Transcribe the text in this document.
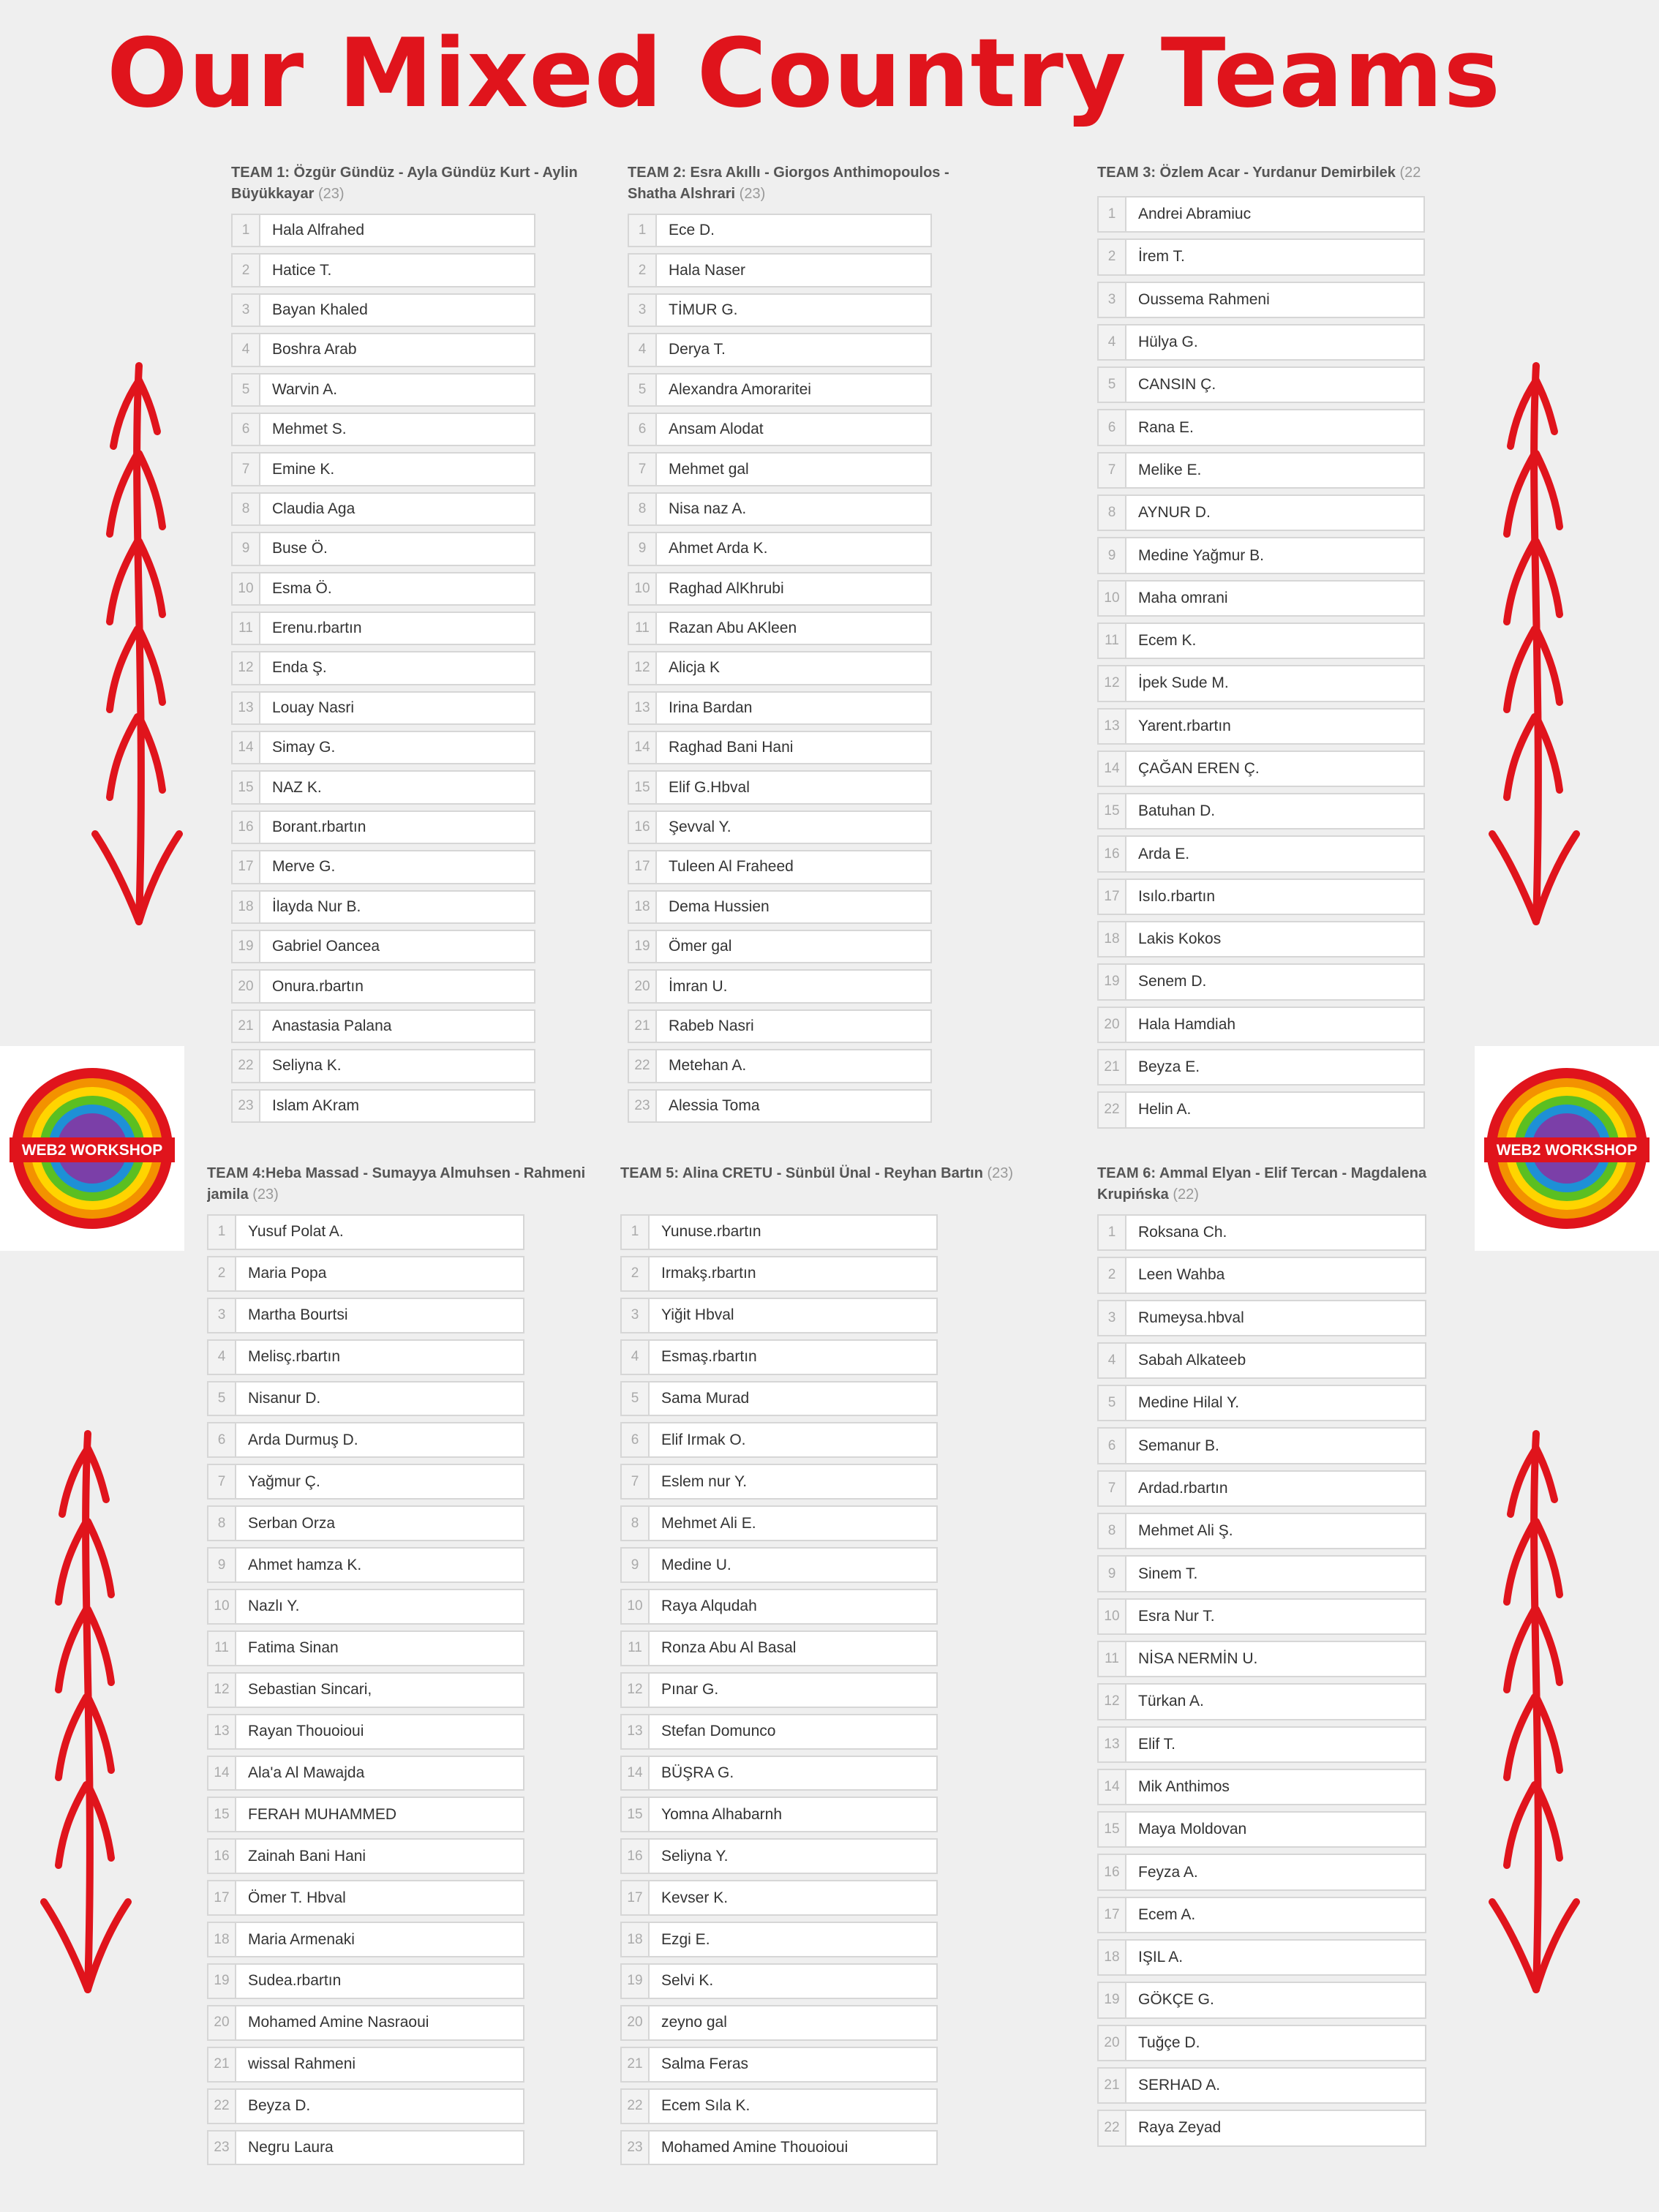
Our Mixed Country Teams
WEB2 WORKSHOP	WEB2 WORKSHOP
TEAM 1: Özgür Gündüz - Ayla Gündüz Kurt - Aylin Büyükkayar (23)
1	Hala Alfrahed
2	Hatice T.
3	Bayan Khaled
4	Boshra Arab
5	Warvin A.
6	Mehmet S.
7	Emine K.
8	Claudia Aga
9	Buse Ö.
10	Esma Ö.
11	Erenu.rbartın
12	Enda Ş.
13	Louay Nasri
14	Simay G.
15	NAZ K.
16	Borant.rbartın
17	Merve G.
18	İlayda Nur B.
19	Gabriel Oancea
20	Onura.rbartın
21	Anastasia Palana
22	Seliyna K.
23	Islam AKram
TEAM 2: Esra Akıllı - Giorgos Anthimopoulos - Shatha Alshrari (23)
1	Ece D.
2	Hala Naser
3	TİMUR G.
4	Derya T.
5	Alexandra Amoraritei
6	Ansam Alodat
7	Mehmet gal
8	Nisa naz A.
9	Ahmet Arda K.
10	Raghad AlKhrubi
11	Razan Abu AKleen
12	Alicja K
13	Irina Bardan
14	Raghad Bani Hani
15	Elif G.Hbval
16	Şevval Y.
17	Tuleen Al Fraheed
18	Dema Hussien
19	Ömer gal
20	İmran U.
21	Rabeb Nasri
22	Metehan A.
23	Alessia Toma
TEAM 3: Özlem Acar - Yurdanur Demirbilek (22
1	Andrei Abramiuc
2	İrem T.
3	Oussema Rahmeni
4	Hülya G.
5	CANSIN Ç.
6	Rana E.
7	Melike E.
8	AYNUR D.
9	Medine Yağmur B.
10	Maha omrani
11	Ecem K.
12	İpek Sude M.
13	Yarent.rbartın
14	ÇAĞAN EREN Ç.
15	Batuhan D.
16	Arda E.
17	Isılo.rbartın
18	Lakis Kokos
19	Senem D.
20	Hala Hamdiah
21	Beyza E.
22	Helin A.
TEAM 4:Heba Massad - Sumayya Almuhsen - Rahmeni jamila (23)
1	Yusuf Polat A.
2	Maria Popa
3	Martha Bourtsi
4	Melisç.rbartın
5	Nisanur D.
6	Arda Durmuş D.
7	Yağmur Ç.
8	Serban Orza
9	Ahmet hamza K.
10	Nazlı Y.
11	Fatima Sinan
12	Sebastian Sincari,
13	Rayan Thouoioui
14	Ala'a Al Mawajda
15	FERAH MUHAMMED
16	Zainah Bani Hani
17	Ömer T. Hbval
18	Maria Armenaki
19	Sudea.rbartın
20	Mohamed Amine Nasraoui
21	wissal Rahmeni
22	Beyza D.
23	Negru Laura
TEAM 5: Alina CRETU - Sünbül Ünal - Reyhan Bartın (23)
1	Yunuse.rbartın
2	Irmakş.rbartın
3	Yiğit Hbval
4	Esmaş.rbartın
5	Sama Murad
6	Elif Irmak O.
7	Eslem nur Y.
8	Mehmet Ali E.
9	Medine U.
10	Raya Alqudah
11	Ronza Abu Al Basal
12	Pınar G.
13	Stefan Domunco
14	BÜŞRA G.
15	Yomna Alhabarnh
16	Seliyna Y.
17	Kevser K.
18	Ezgi E.
19	Selvi K.
20	zeyno gal
21	Salma Feras
22	Ecem Sıla K.
23	Mohamed Amine Thouoioui
TEAM 6: Ammal Elyan - Elif Tercan - Magdalena Krupińska (22)
1	Roksana Ch.
2	Leen Wahba
3	Rumeysa.hbval
4	Sabah Alkateeb
5	Medine Hilal Y.
6	Semanur B.
7	Ardad.rbartın
8	Mehmet Ali Ş.
9	Sinem T.
10	Esra Nur T.
11	NİSA NERMİN U.
12	Türkan A.
13	Elif T.
14	Mik Anthimos
15	Maya Moldovan
16	Feyza A.
17	Ecem A.
18	IŞIL A.
19	GÖKÇE G.
20	Tuğçe D.
21	SERHAD A.
22	Raya Zeyad
